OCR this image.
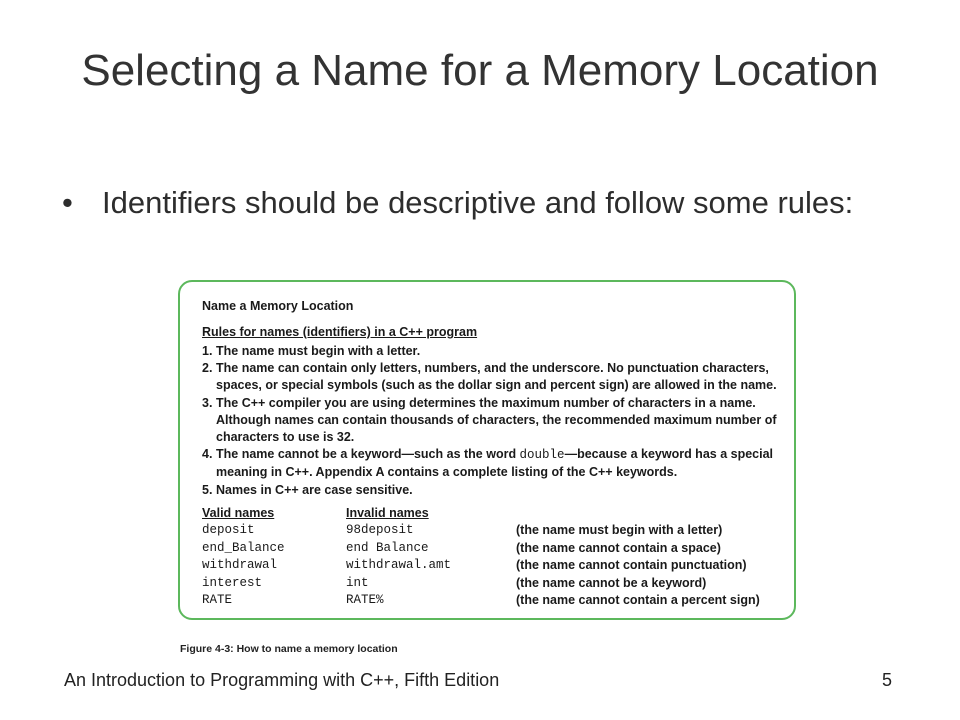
Selecting a Name for a Memory Location
• Identifiers should be descriptive and follow some rules:
Name a Memory Location
Rules for names (identifiers) in a C++ program
1. The name must begin with a letter.
2. The name can contain only letters, numbers, and the underscore. No punctuation characters, spaces, or special symbols (such as the dollar sign and percent sign) are allowed in the name.
3. The C++ compiler you are using determines the maximum number of characters in a name. Although names can contain thousands of characters, the recommended maximum number of characters to use is 32.
4. The name cannot be a keyword—such as the word double—because a keyword has a special meaning in C++. Appendix A contains a complete listing of the C++ keywords.
5. Names in C++ are case sensitive.
Valid names	Invalid names	
deposit	98deposit	(the name must begin with a letter)
end_Balance	end Balance	(the name cannot contain a space)
withdrawal	withdrawal.amt	(the name cannot contain punctuation)
interest	int	(the name cannot be a keyword)
RATE	RATE%	(the name cannot contain a percent sign)
Figure 4-3: How to name a memory location
An Introduction to Programming with C++, Fifth Edition	5
